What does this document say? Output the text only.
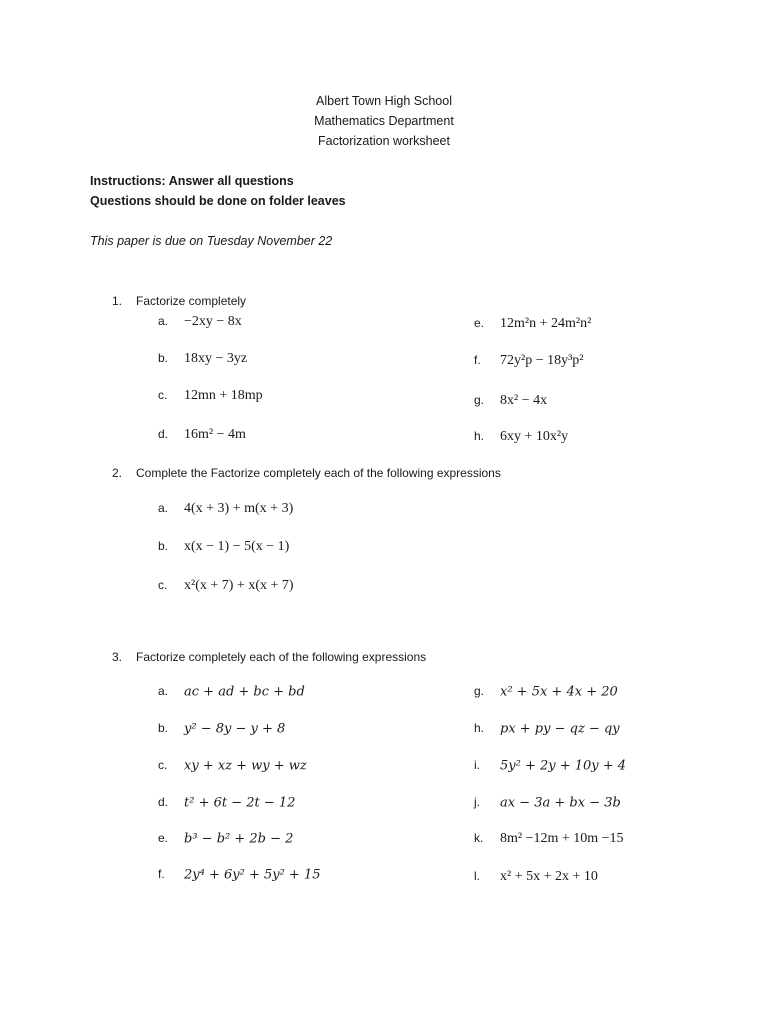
Albert Town High School
Mathematics Department
Factorization worksheet
Instructions: Answer all questions
Questions should be done on folder leaves
This paper is due on Tuesday November 22
1. Factorize completely
a. −2xy − 8x
b. 18xy − 3yz
c. 12mn + 18mp
d. 16m² − 4m
e. 12m²n + 24m²n²
f. 72y²p − 18y³p²
g. 8x² − 4x
h. 6xy + 10x²y
2. Complete the Factorize completely each of the following expressions
a. 4(x + 3) + m(x + 3)
b. x(x − 1) − 5(x − 1)
c. x²(x + 7) + x(x + 7)
3. Factorize completely each of the following expressions
a. ac + ad + bc + bd
b. y² − 8y − y + 8
c. xy + xz + wy + wz
d. t² + 6t − 2t − 12
e. b³ − b² + 2b − 2
f. 2y⁴ + 6y² + 5y² + 15
g. x² + 5x + 4x + 20
h. px + py − qz − qy
i. 5y² + 2y + 10y + 4
j. ax − 3a + bx − 3b
k. 8m² −12m + 10m −15
l. x² + 5x + 2x + 10
